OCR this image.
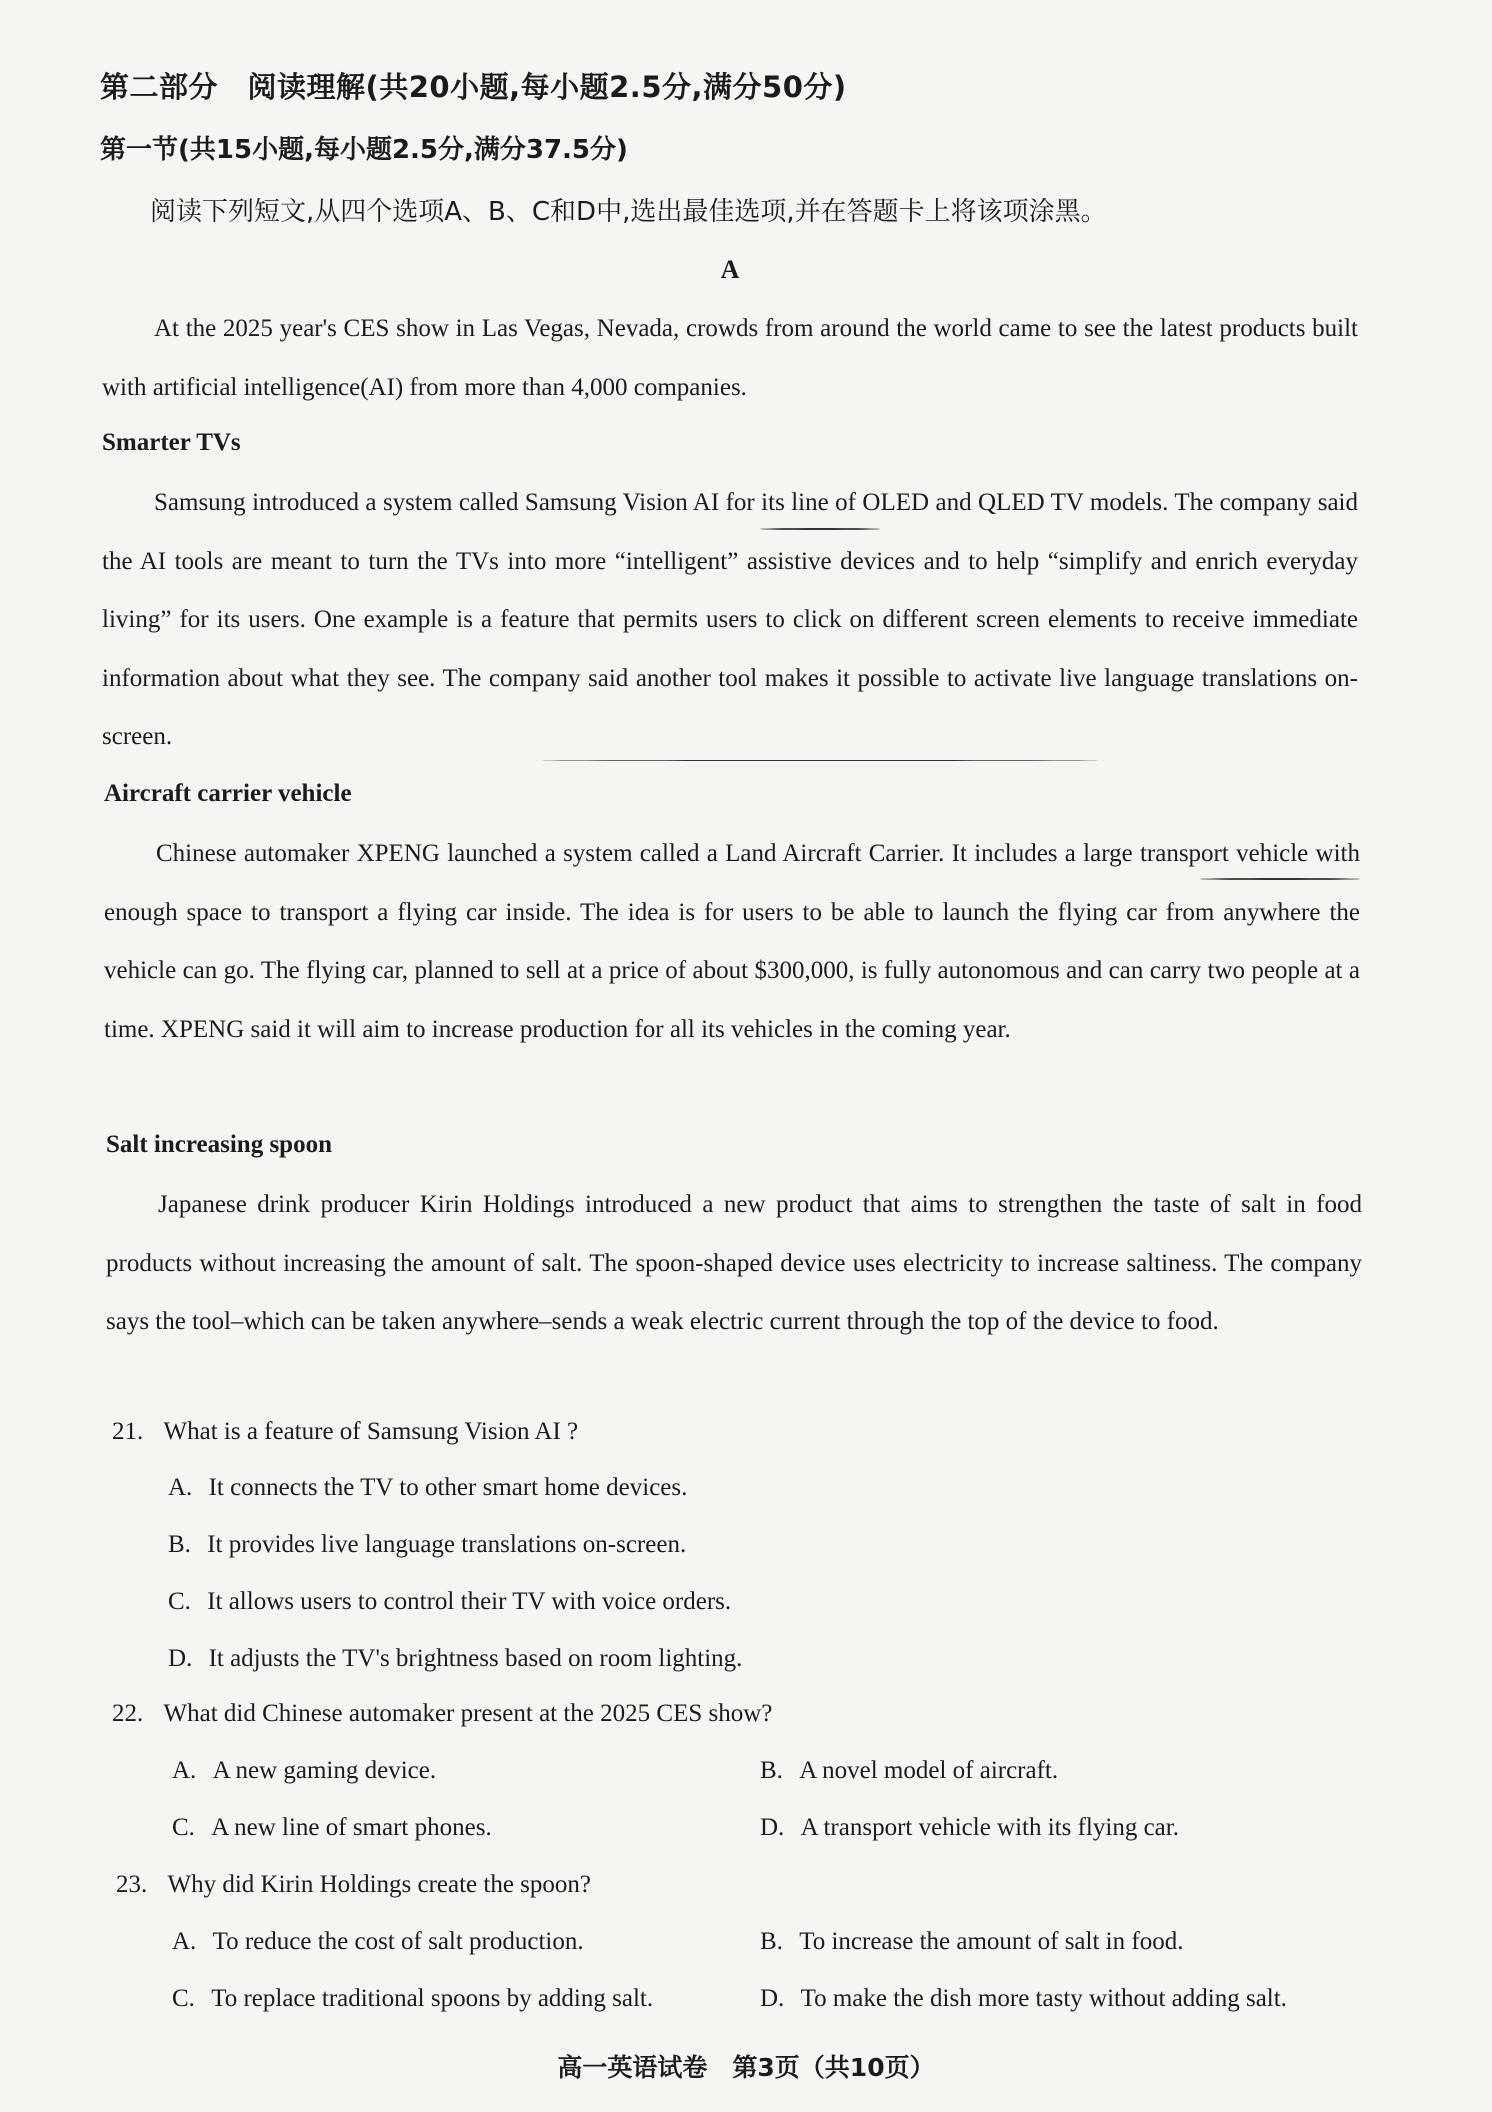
第二部分　阅读理解(共20小题,每小题2.5分,满分50分)
第一节(共15小题,每小题2.5分,满分37.5分)
阅读下列短文,从四个选项A、B、C和D中,选出最佳选项,并在答题卡上将该项涂黑。
A
At the 2025 year's CES show in Las Vegas, Nevada, crowds from around the world came to see the latest products built with artificial intelligence(AI) from more than 4,000 companies.
Smarter TVs
Samsung introduced a system called Samsung Vision AI for its line of OLED and QLED TV models. The company said the AI tools are meant to turn the TVs into more “intelligent” assistive devices and to help “simplify and enrich everyday living” for its users. One example is a feature that permits users to click on different screen elements to receive immediate information about what they see. The company said another tool makes it possible to activate live language translations on-screen.
Aircraft carrier vehicle
Chinese automaker XPENG launched a system called a Land Aircraft Carrier. It includes a large transport vehicle with enough space to transport a flying car inside. The idea is for users to be able to launch the flying car from anywhere the vehicle can go. The flying car, planned to sell at a price of about $300,000, is fully autonomous and can carry two people at a time. XPENG said it will aim to increase production for all its vehicles in the coming year.
Salt increasing spoon
Japanese drink producer Kirin Holdings introduced a new product that aims to strengthen the taste of salt in food products without increasing the amount of salt. The spoon-shaped device uses electricity to increase saltiness. The company says the tool–which can be taken anywhere–sends a weak electric current through the top of the device to food.
21. What is a feature of Samsung Vision AI ?
A. It connects the TV to other smart home devices.
B. It provides live language translations on-screen.
C. It allows users to control their TV with voice orders.
D. It adjusts the TV's brightness based on room lighting.
22. What did Chinese automaker present at the 2025 CES show?
A. A new gaming device.	B. A novel model of aircraft.
C. A new line of smart phones.	D. A transport vehicle with its flying car.
23. Why did Kirin Holdings create the spoon?
A. To reduce the cost of salt production.	B. To increase the amount of salt in food.
C. To replace traditional spoons by adding salt.	D. To make the dish more tasty without adding salt.
高一英语试卷　第3页（共10页）
